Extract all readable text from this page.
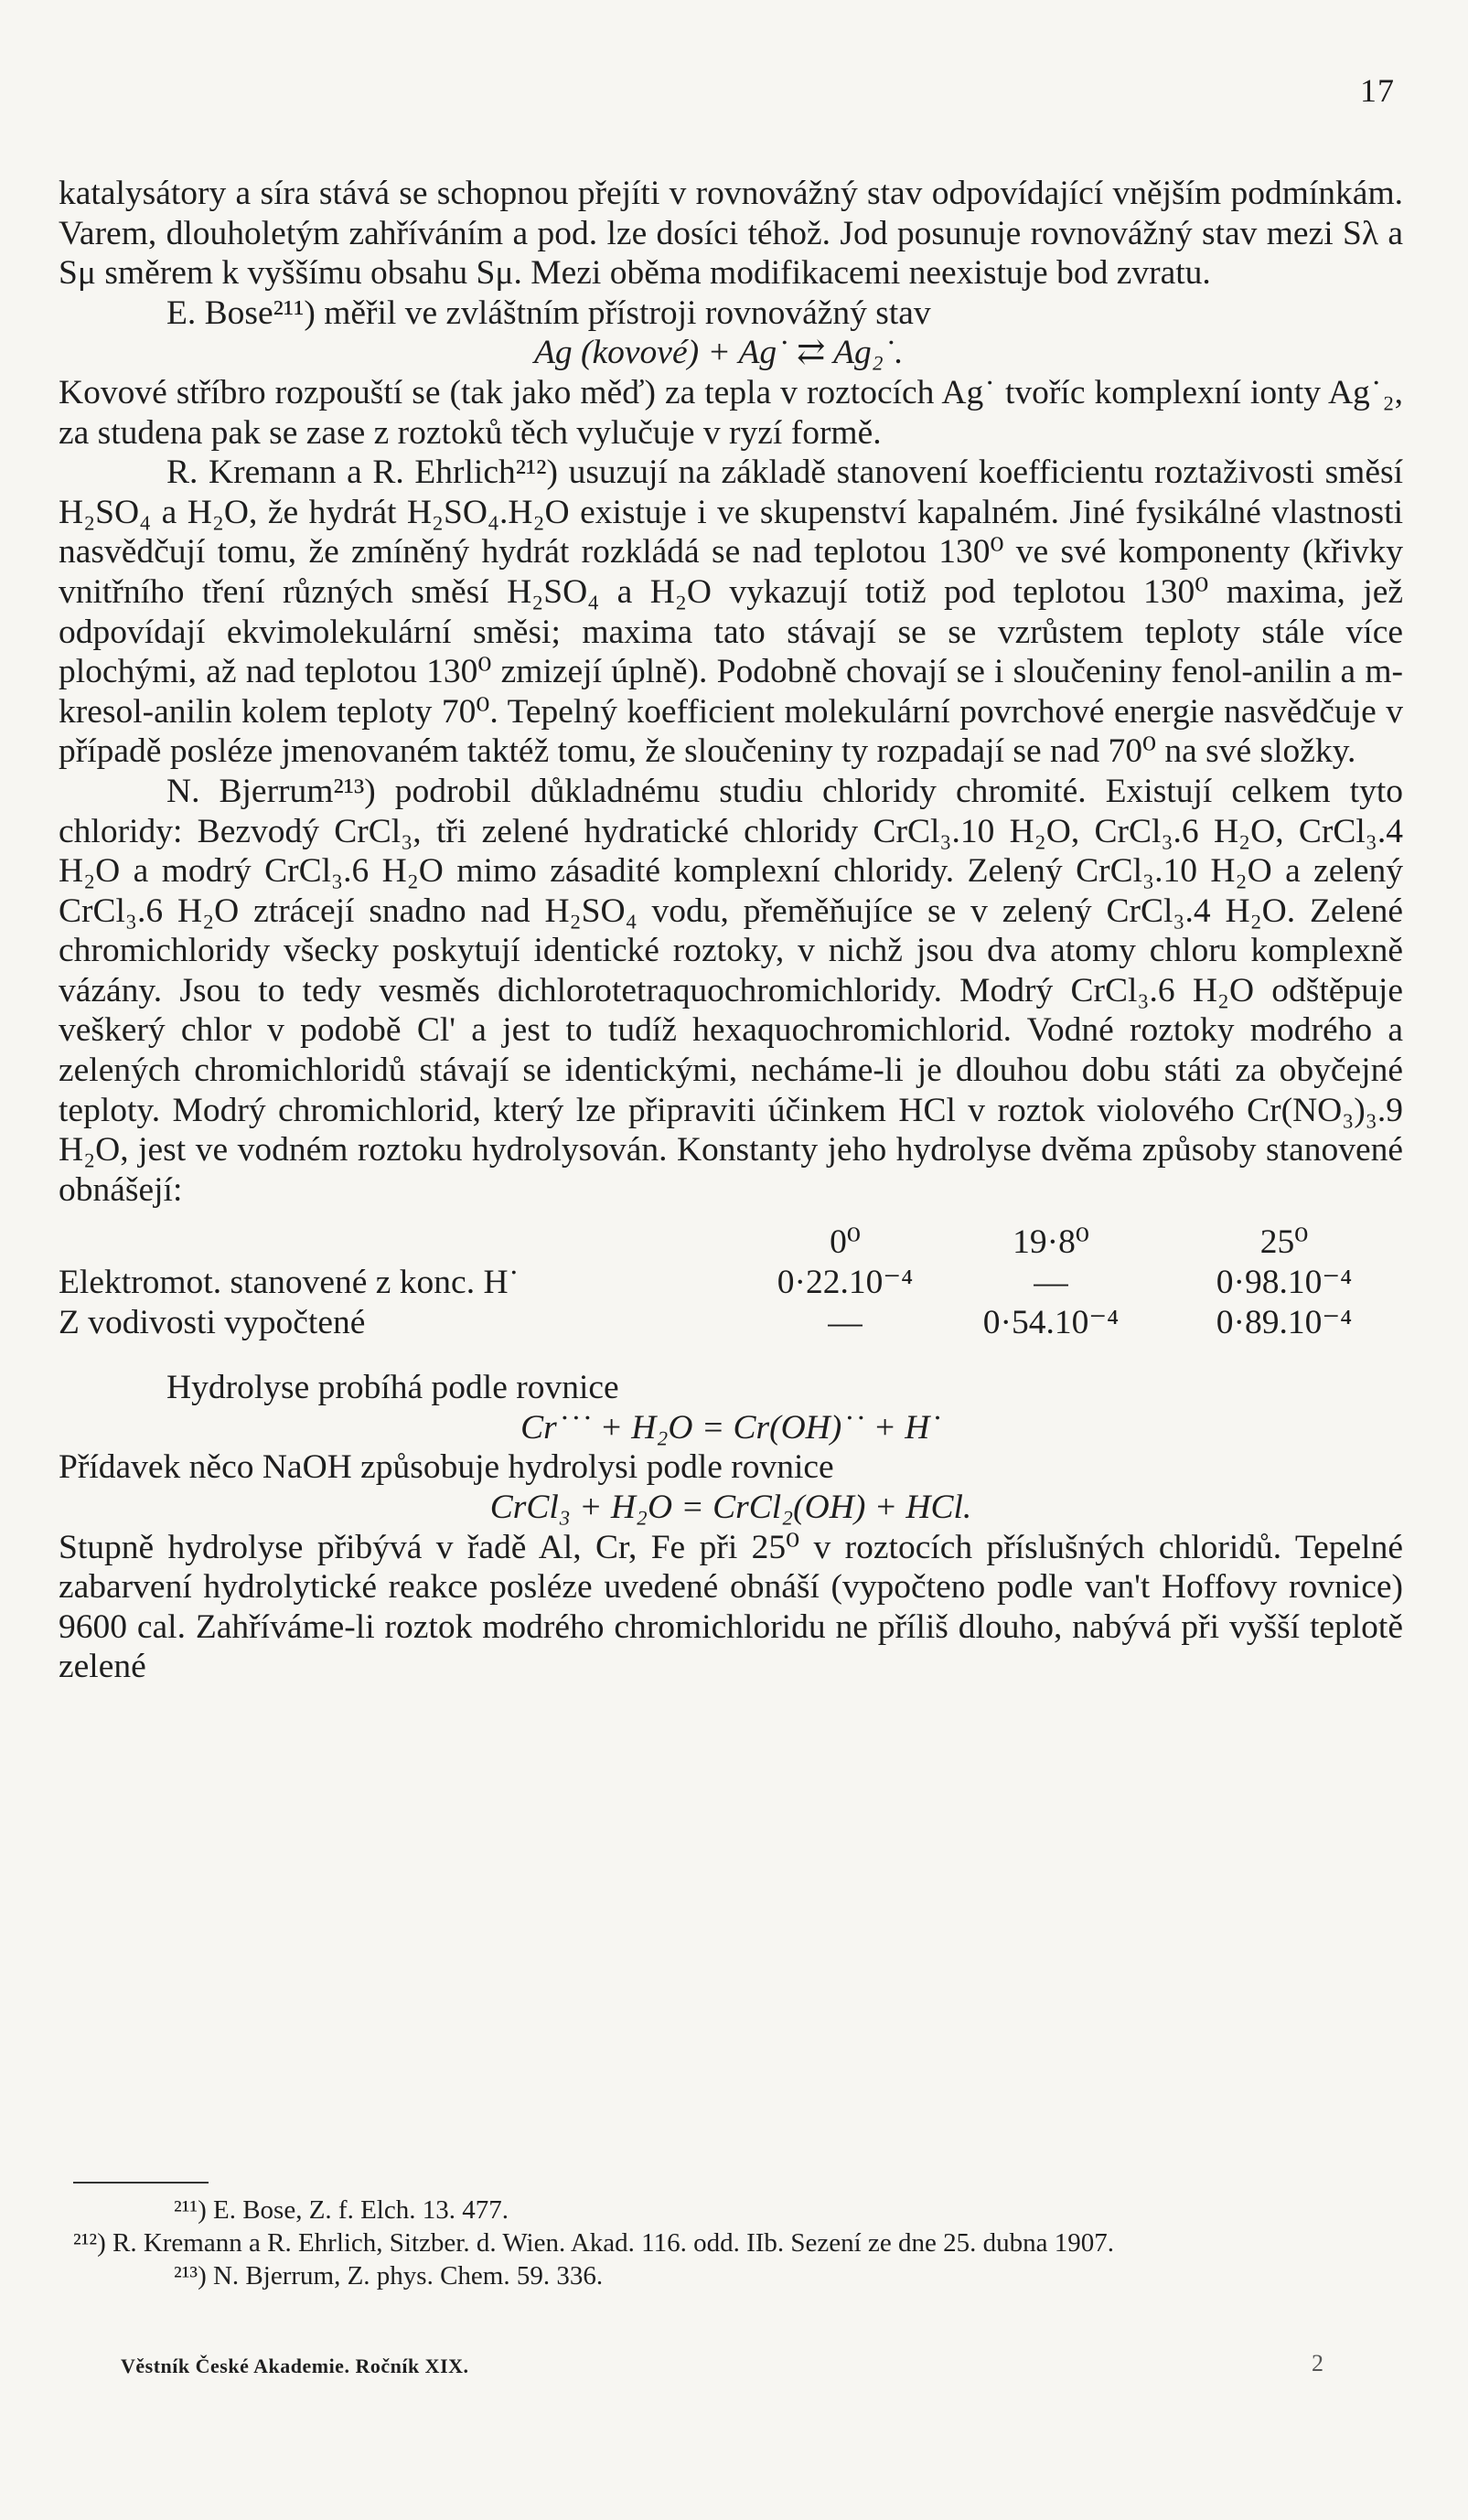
17

katalysátory a síra stává se schopnou přejíti v rovnovážný stav odpovídající vnějším podmínkám. Varem, dlouholetým zahříváním a pod. lze dosíci téhož. Jod posunuje rovnovážný stav mezi Sλ a Sμ směrem k vyššímu obsahu Sμ. Mezi oběma modifikacemi neexistuje bod zvratu.

E. Bose²¹¹) měřil ve zvláštním přístroji rovnovážný stav

Ag (kovové) + Ag˙ ⇄ Ag₂˙.

Kovové stříbro rozpouští se (tak jako měď) za tepla v roztocích Ag˙ tvoříc komplexní ionty Ag˙₂, za studena pak se zase z roztoků těch vylučuje v ryzí formě.

R. Kremann a R. Ehrlich²¹²) usuzují na základě stanovení koefficientu roztaživosti směsí H₂SO₄ a H₂O, že hydrát H₂SO₄.H₂O existuje i ve skupenství kapalném. Jiné fysikálné vlastnosti nasvědčují tomu, že zmíněný hydrát rozkládá se nad teplotou 130⁰ ve své komponenty (křivky vnitřního tření různých směsí H₂SO₄ a H₂O vykazují totiž pod teplotou 130⁰ maxima, jež odpovídají ekvimolekulární směsi; maxima tato stávají se se vzrůstem teploty stále více plochými, až nad teplotou 130⁰ zmizejí úplně). Podobně chovají se i sloučeniny fenol-anilin a m-kresol-anilin kolem teploty 70⁰. Tepelný koefficient molekulární povrchové energie nasvědčuje v případě posléze jmenovaném taktéž tomu, že sloučeniny ty rozpadají se nad 70⁰ na své složky.

N. Bjerrum²¹³) podrobil důkladnému studiu chloridy chromité. Existují celkem tyto chloridy: Bezvodý CrCl₃, tři zelené hydratické chloridy CrCl₃.10 H₂O, CrCl₃.6 H₂O, CrCl₃.4 H₂O a modrý CrCl₃.6 H₂O mimo zásadité komplexní chloridy. Zelený CrCl₃.10 H₂O a zelený CrCl₃.6 H₂O ztrácejí snadno nad H₂SO₄ vodu, přeměňujíce se v zelený CrCl₃.4 H₂O. Zelené chromichloridy všecky poskytují identické roztoky, v nichž jsou dva atomy chloru komplexně vázány. Jsou to tedy vesměs dichlorotetraquochromichloridy. Modrý CrCl₃.6 H₂O odštěpuje veškerý chlor v podobě Cl' a jest to tudíž hexaquochromichlorid. Vodné roztoky modrého a zelených chromichloridů stávají se identickými, necháme-li je dlouhou dobu státi za obyčejné teploty. Modrý chromichlorid, který lze připraviti účinkem HCl v roztok violového Cr(NO₃)₃.9 H₂O, jest ve vodném roztoku hydrolysován. Konstanty jeho hydrolyse dvěma způsoby stanovené obnášejí:

	0⁰	19·8⁰	25⁰
Elektromot. stanovené z konc. H˙	0·22.10⁻⁴	—	0·98.10⁻⁴
Z vodivosti vypočtené	—	0·54.10⁻⁴	0·89.10⁻⁴

Hydrolyse probíhá podle rovnice

Cr˙˙˙ + H₂O = Cr(OH)˙˙ + H˙

Přídavek něco NaOH způsobuje hydrolysi podle rovnice

CrCl₃ + H₂O = CrCl₂(OH) + HCl.

Stupně hydrolyse přibývá v řadě Al, Cr, Fe při 25⁰ v roztocích příslušných chloridů. Tepelné zabarvení hydrolytické reakce posléze uvedené obnáší (vypočteno podle van't Hoffovy rovnice) 9600 cal. Zahříváme-li roztok modrého chromichloridu ne příliš dlouho, nabývá při vyšší teplotě zelené

²¹¹) E. Bose, Z. f. Elch. 13. 477.

²¹²) R. Kremann a R. Ehrlich, Sitzber. d. Wien. Akad. 116. odd. IIb. Sezení ze dne 25. dubna 1907.

²¹³) N. Bjerrum, Z. phys. Chem. 59. 336.

Věstník České Akademie. Ročník XIX.	2
